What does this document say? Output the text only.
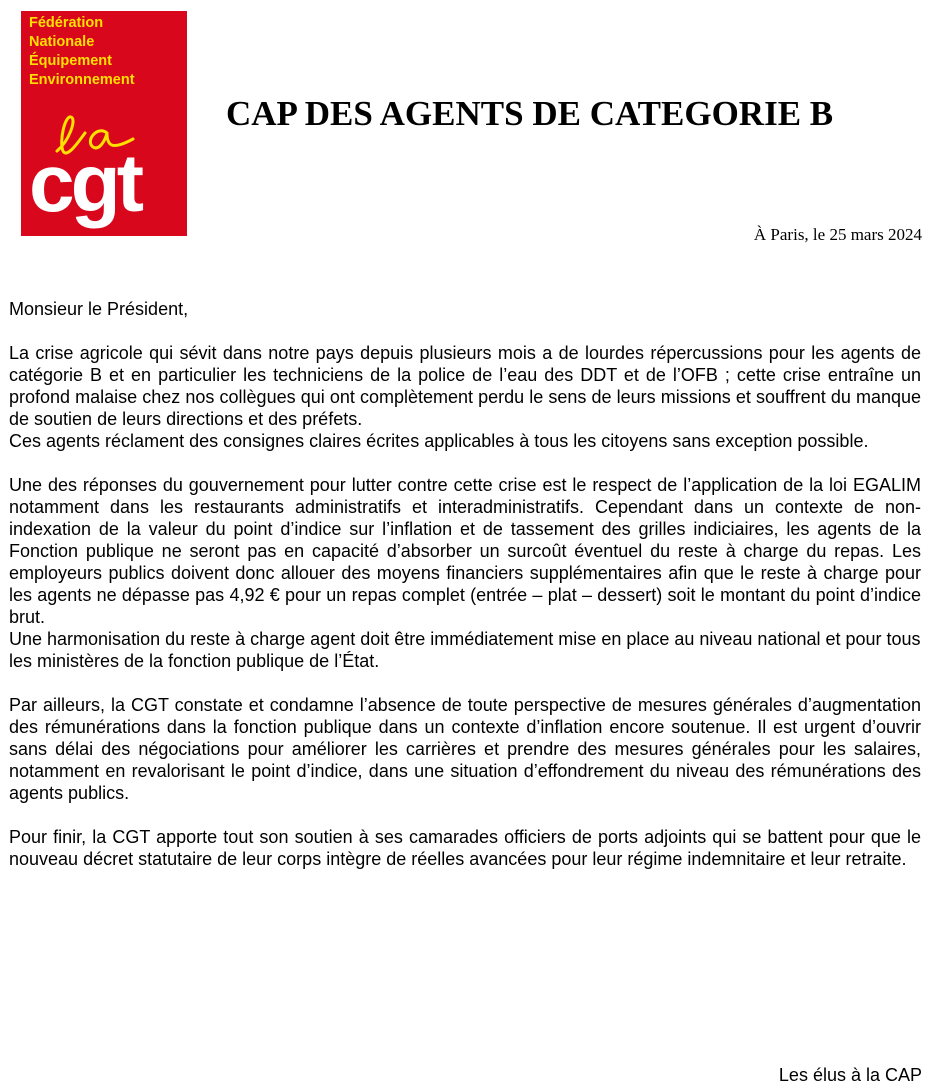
Fédération
Nationale
Équipement
Environnement
cgt
CAP DES AGENTS DE CATEGORIE B
À Paris, le 25 mars 2024

Monsieur le Président,

La crise agricole qui sévit dans notre pays depuis plusieurs mois a de lourdes répercussions pour les agents de catégorie B et en particulier les techniciens de la police de l’eau des DDT et de l’OFB ; cette crise entraîne un profond malaise chez nos collègues qui ont complètement perdu le sens de leurs missions et souffrent du manque de soutien de leurs directions et des préfets.

Ces agents réclament des consignes claires écrites applicables à tous les citoyens sans exception possible.

Une des réponses du gouvernement pour lutter contre cette crise est le respect de l’application de la loi EGALIM notamment dans les restaurants administratifs et interadministratifs. Cependant dans un contexte de non-indexation de la valeur du point d’indice sur l’inflation et de tassement des grilles indiciaires, les agents de la Fonction publique ne seront pas en capacité d’absorber un surcoût éventuel du reste à charge du repas. Les employeurs publics doivent donc allouer des moyens financiers supplémentaires afin que le reste à charge pour les agents ne dépasse pas 4,92 € pour un repas complet (entrée – plat – dessert) soit le montant du point d’indice brut.

Une harmonisation du reste à charge agent doit être immédiatement mise en place au niveau national et pour tous les ministères de la fonction publique de l’État.

Par ailleurs, la CGT constate et condamne l’absence de toute perspective de mesures générales d’augmentation des rémunérations dans la fonction publique dans un contexte d’inflation encore soutenue. Il est urgent d’ouvrir sans délai des négociations pour améliorer les carrières et prendre des mesures générales pour les salaires, notamment en revalorisant le point d’indice, dans une situation d’effondrement du niveau des rémunérations des agents publics.

Pour finir, la CGT apporte tout son soutien à ses camarades officiers de ports adjoints qui se battent pour que le nouveau décret statutaire de leur corps intègre de réelles avancées pour leur régime indemnitaire et leur retraite.

Les élus à la CAP
